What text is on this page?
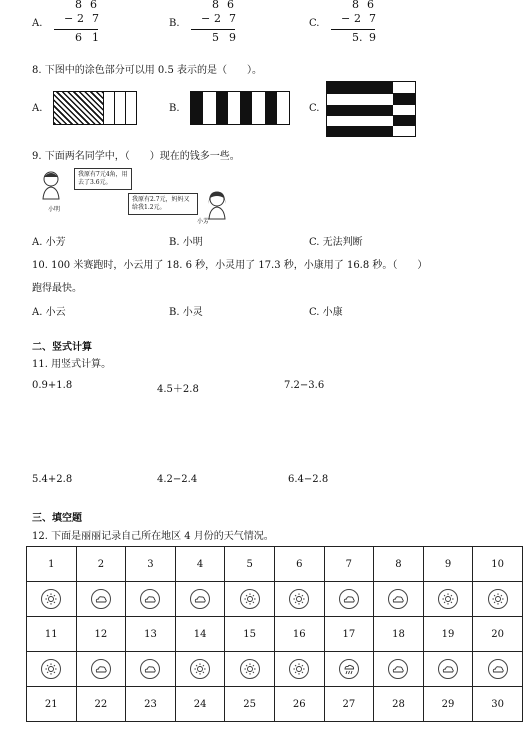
A.
8 6
− 2 7
6 1
B.
8 6
− 2 7
5 9
C.
8 6
− 2 7
5. 9
8. 下图中的涂色部分可以用 0.5 表示的是（　　）。
A.	B.	C.
9. 下面两名同学中，（　　）现在的钱多一些。
我原有7元4角，用去了3.6元。
小明
我原有2.7元，妈妈又给我1.2元。
小芳
A. 小芳	B. 小明	C. 无法判断
10. 100 米赛跑时，小云用了 18. 6 秒，小灵用了 17.3 秒，小康用了 16.8 秒。（　　）
跑得最快。
A. 小云	B. 小灵	C. 小康
二、竖式计算
11. 用竖式计算。
0.9+1.8	4.5＋2.8	7.2−3.6
5.4+2.8	4.2−2.4	6.4−2.8
三、填空题
12. 下面是丽丽记录自己所在地区 4 月份的天气情况。
1	2	3	4	5	6	7	8	9	10

11	12	13	14	15	16	17	18	19	20

21	22	23	24	25	26	27	28	29	30
